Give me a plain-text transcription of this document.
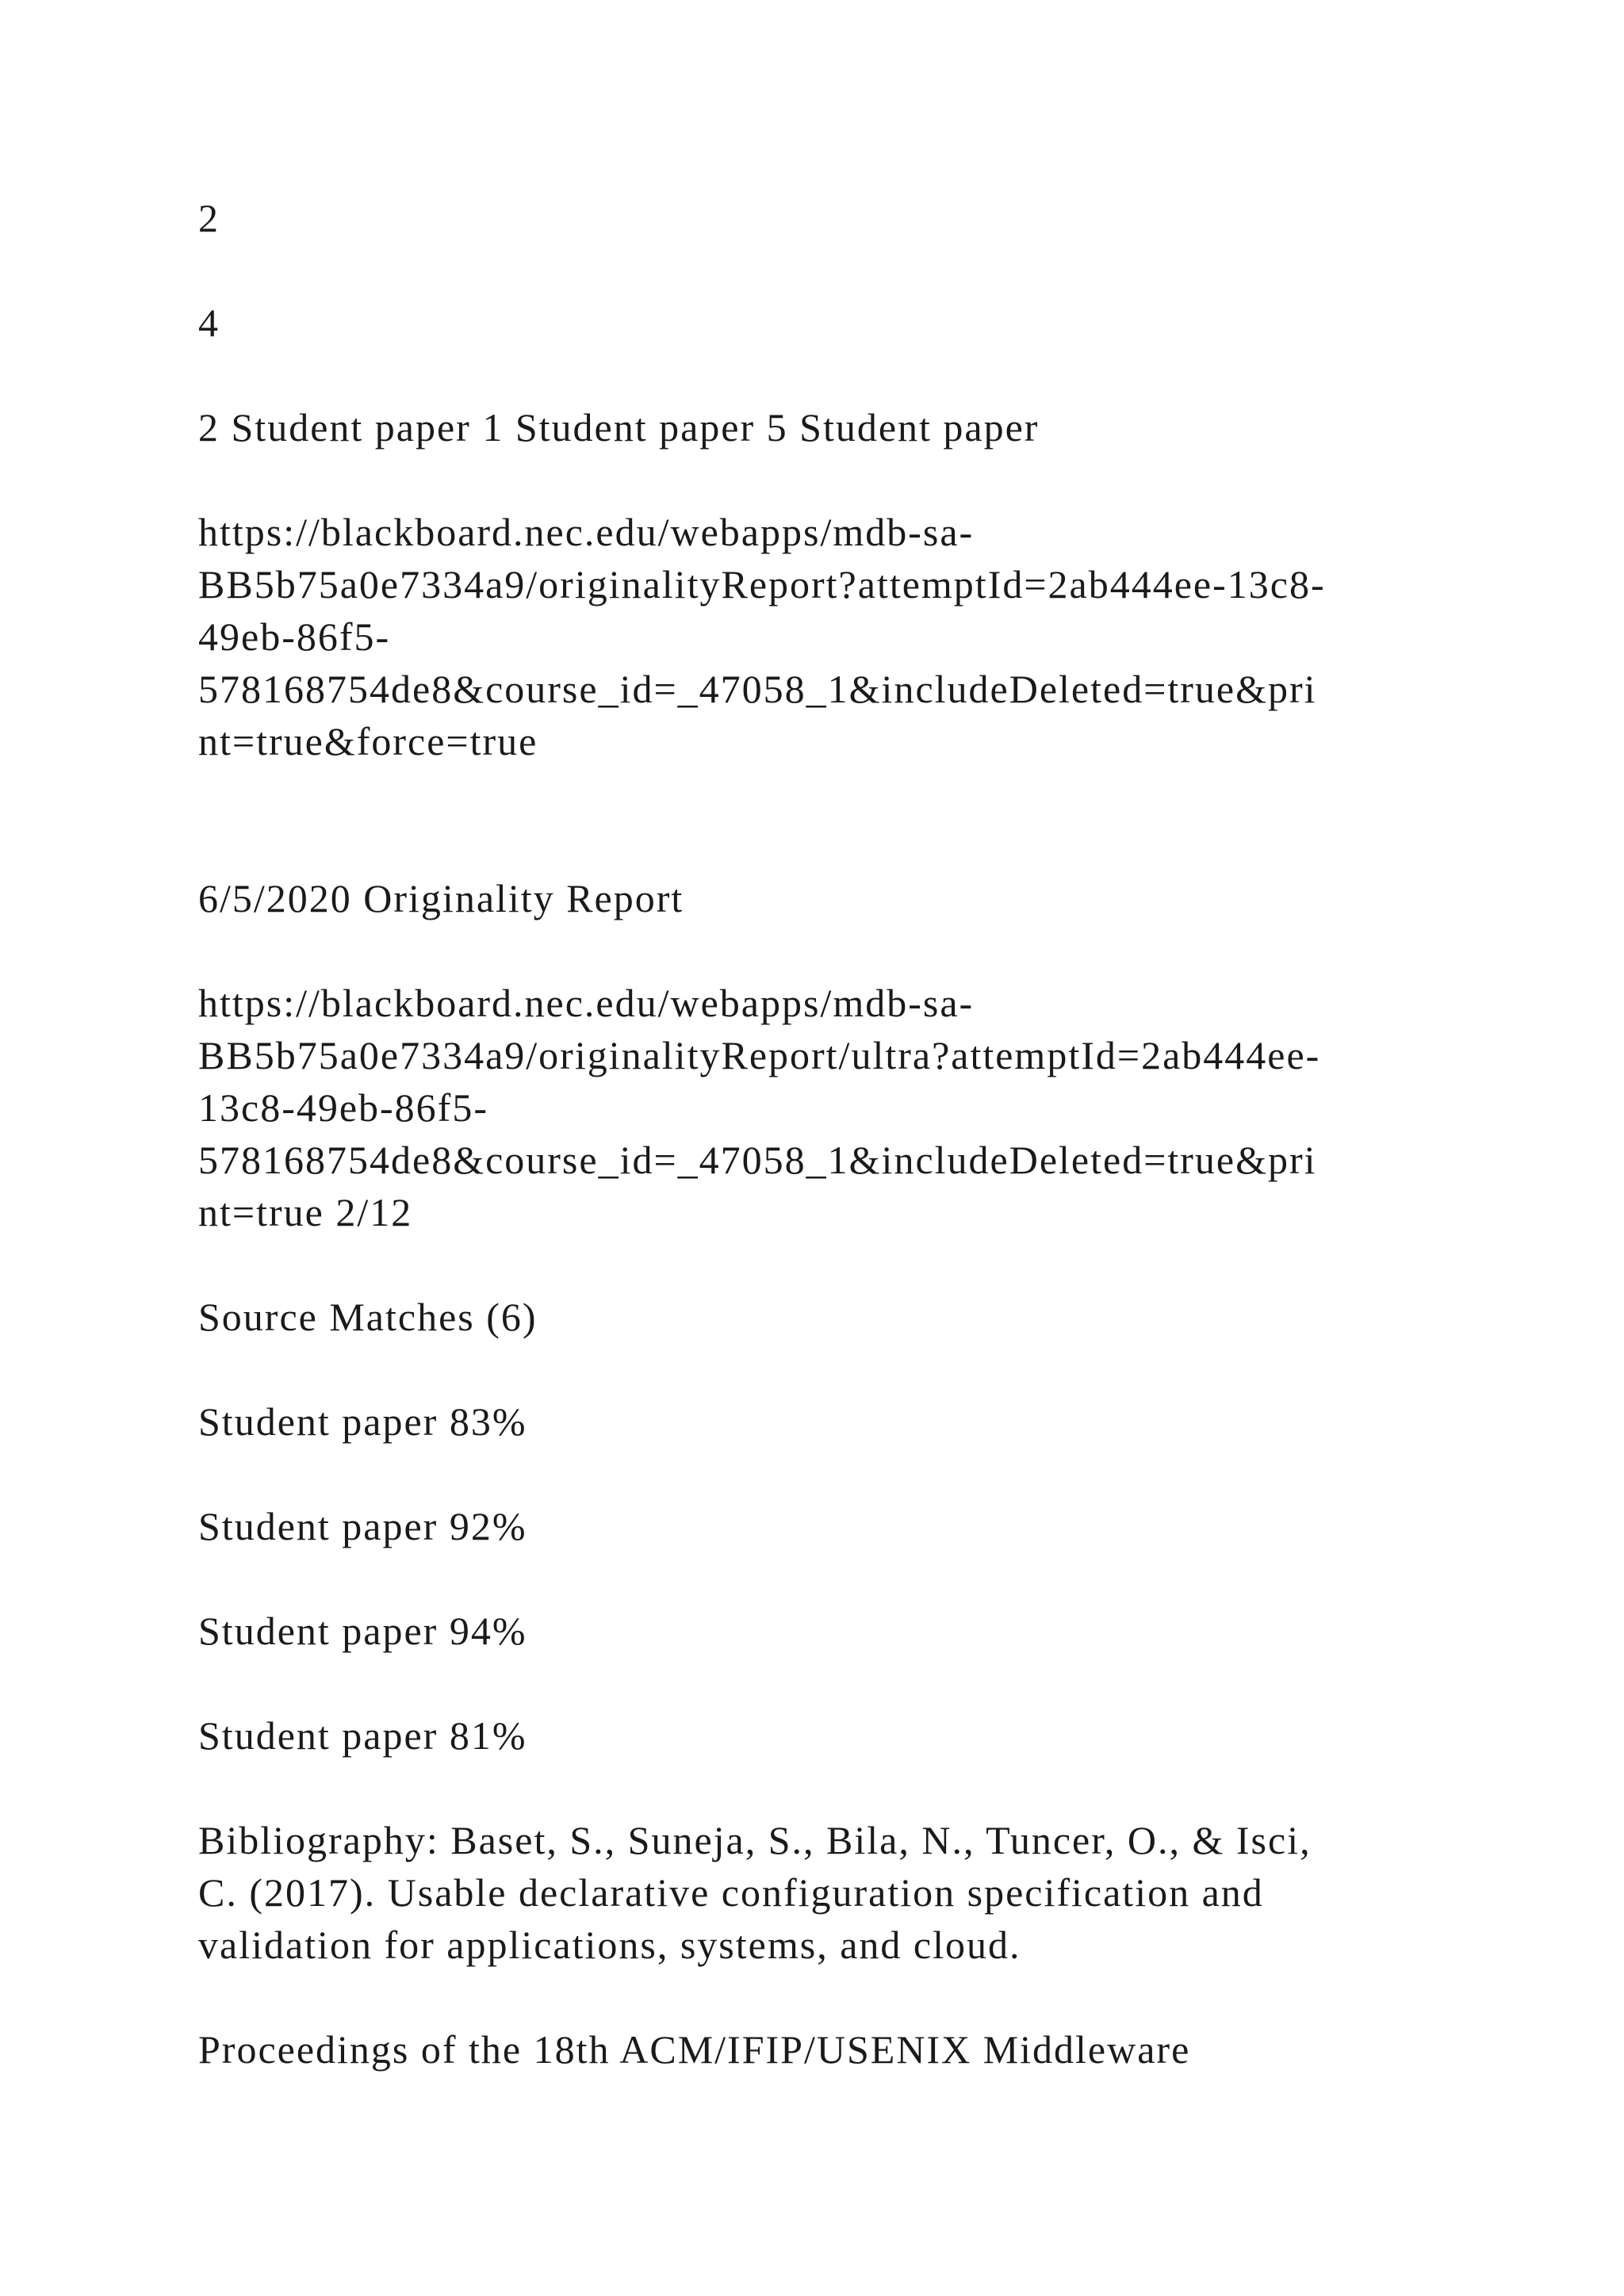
2

4

2 Student paper 1 Student paper 5 Student paper

https://blackboard.nec.edu/webapps/mdb-sa-

BB5b75a0e7334a9/originalityReport?attemptId=2ab444ee-13c8-

49eb-86f5-

578168754de8&course_id=_47058_1&includeDeleted=true&pri

nt=true&force=true

6/5/2020 Originality Report

https://blackboard.nec.edu/webapps/mdb-sa-

BB5b75a0e7334a9/originalityReport/ultra?attemptId=2ab444ee-

13c8-49eb-86f5-

578168754de8&course_id=_47058_1&includeDeleted=true&pri

nt=true 2/12

Source Matches (6)

Student paper 83%

Student paper 92%

Student paper 94%

Student paper 81%

Bibliography: Baset, S., Suneja, S., Bila, N., Tuncer, O., & Isci,

C. (2017). Usable declarative configuration specification and

validation for applications, systems, and cloud.

Proceedings of the 18th ACM/IFIP/USENIX Middleware
